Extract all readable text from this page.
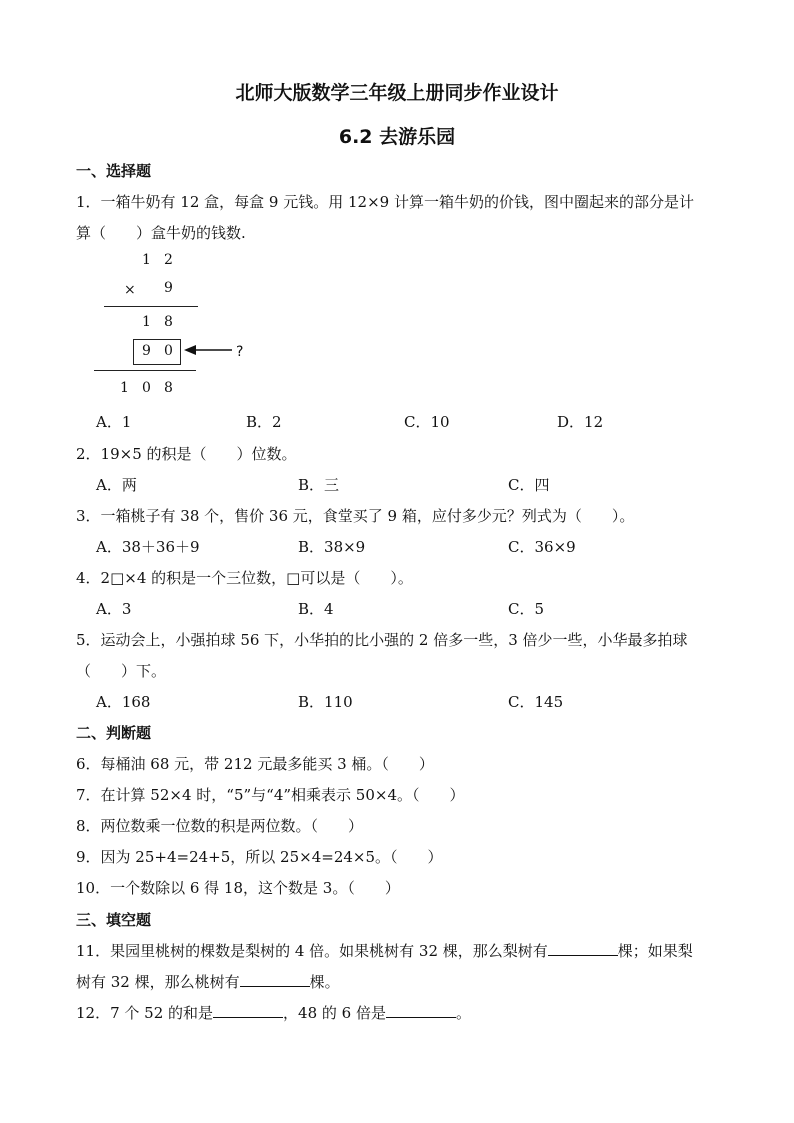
北师大版数学三年级上册同步作业设计
6.2 去游乐园
一、选择题
1．一箱牛奶有 12 盒，每盒 9 元钱。用 12×9 计算一箱牛奶的价钱，图中圈起来的部分是计
算（　　）盒牛奶的钱数.
1 2
× 9
1 8
9 0	?
1 0 8
A．1	B．2	C．10	D．12
2．19×5 的积是（　　）位数。
A．两	B．三	C．四
3．一箱桃子有 38 个，售价 36 元，食堂买了 9 箱，应付多少元？列式为（　　）。
A．38＋36＋9	B．38×9	C．36×9
4．2□×4 的积是一个三位数，□可以是（　　）。
A．3	B．4	C．5
5．运动会上，小强拍球 56 下，小华拍的比小强的 2 倍多一些，3 倍少一些，小华最多拍球
（　　）下。
A．168	B．110	C．145
二、判断题
6．每桶油 68 元，带 212 元最多能买 3 桶。（　　）
7．在计算 52×4 时，“5”与“4”相乘表示 50×4。（　　）
8．两位数乘一位数的积是两位数。（　　）
9．因为 25+4=24+5，所以 25×4=24×5。（　　）
10．一个数除以 6 得 18，这个数是 3。（　　）
三、填空题
11．果园里桃树的棵数是梨树的 4 倍。如果桃树有 32 棵，那么梨树有	棵；如果梨
树有 32 棵，那么桃树有	棵。
12．7 个 52 的和是	，48 的 6 倍是	。
